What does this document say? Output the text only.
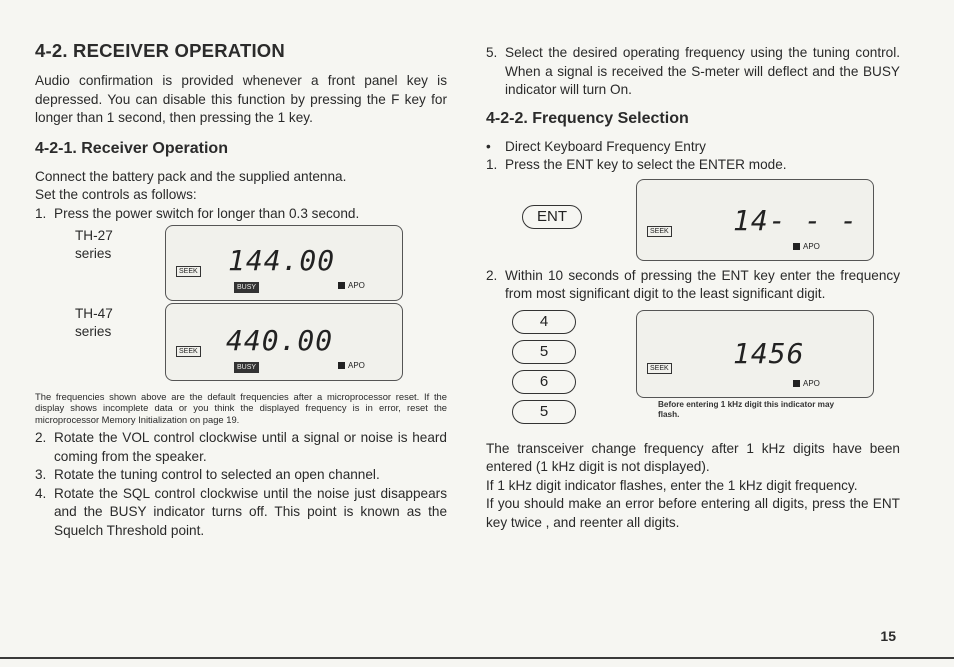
4-2. RECEIVER OPERATION

Audio confirmation is provided whenever a front panel key is depressed. You can disable this function by pressing the F key for longer than 1 second, then pressing the 1 key.

4-2-1. Receiver Operation

Connect the battery pack and the supplied antenna.

Set the controls as follows:

1. Press the power switch for longer than 0.3 second.
TH-27
series	144.00
SEEK
BUSY	APO
TH-47
series	440.00
SEEK
BUSY	APO

The frequencies shown above are the default frequencies after a microprocessor reset. If the display shows incomplete data or you think the displayed frequency is in error, reset the microprocessor Memory Initialization on page 19.

2. Rotate the VOL control clockwise until a signal or noise is heard coming from the speaker.
3. Rotate the tuning control to selected an open channel.
4. Rotate the SQL control clockwise until the noise just disappears and the BUSY indicator turns off. This point is known as the Squelch Threshold point.
5. Select the desired operating frequency using the tuning control. When a signal is received the S-meter will deflect and the BUSY indicator will turn On.
4-2-2. Frequency Selection
•	Direct Keyboard Frequency Entry
1. Press the ENT key to select the ENTER mode.
ENT	14- - -
SEEK
APO
2. Within 10 seconds of pressing the ENT key enter the frequency from most significant digit to the least significant digit.
4
5
6
5
1456
SEEK
APO
Before entering 1 kHz digit this indicator may flash.

The transceiver change frequency after 1 kHz digits have been entered (1 kHz digit is not displayed).

If 1 kHz digit indicator flashes, enter the 1 kHz digit frequency.

If you should make an error before entering all digits, press the ENT key twice , and reenter all digits.

15
